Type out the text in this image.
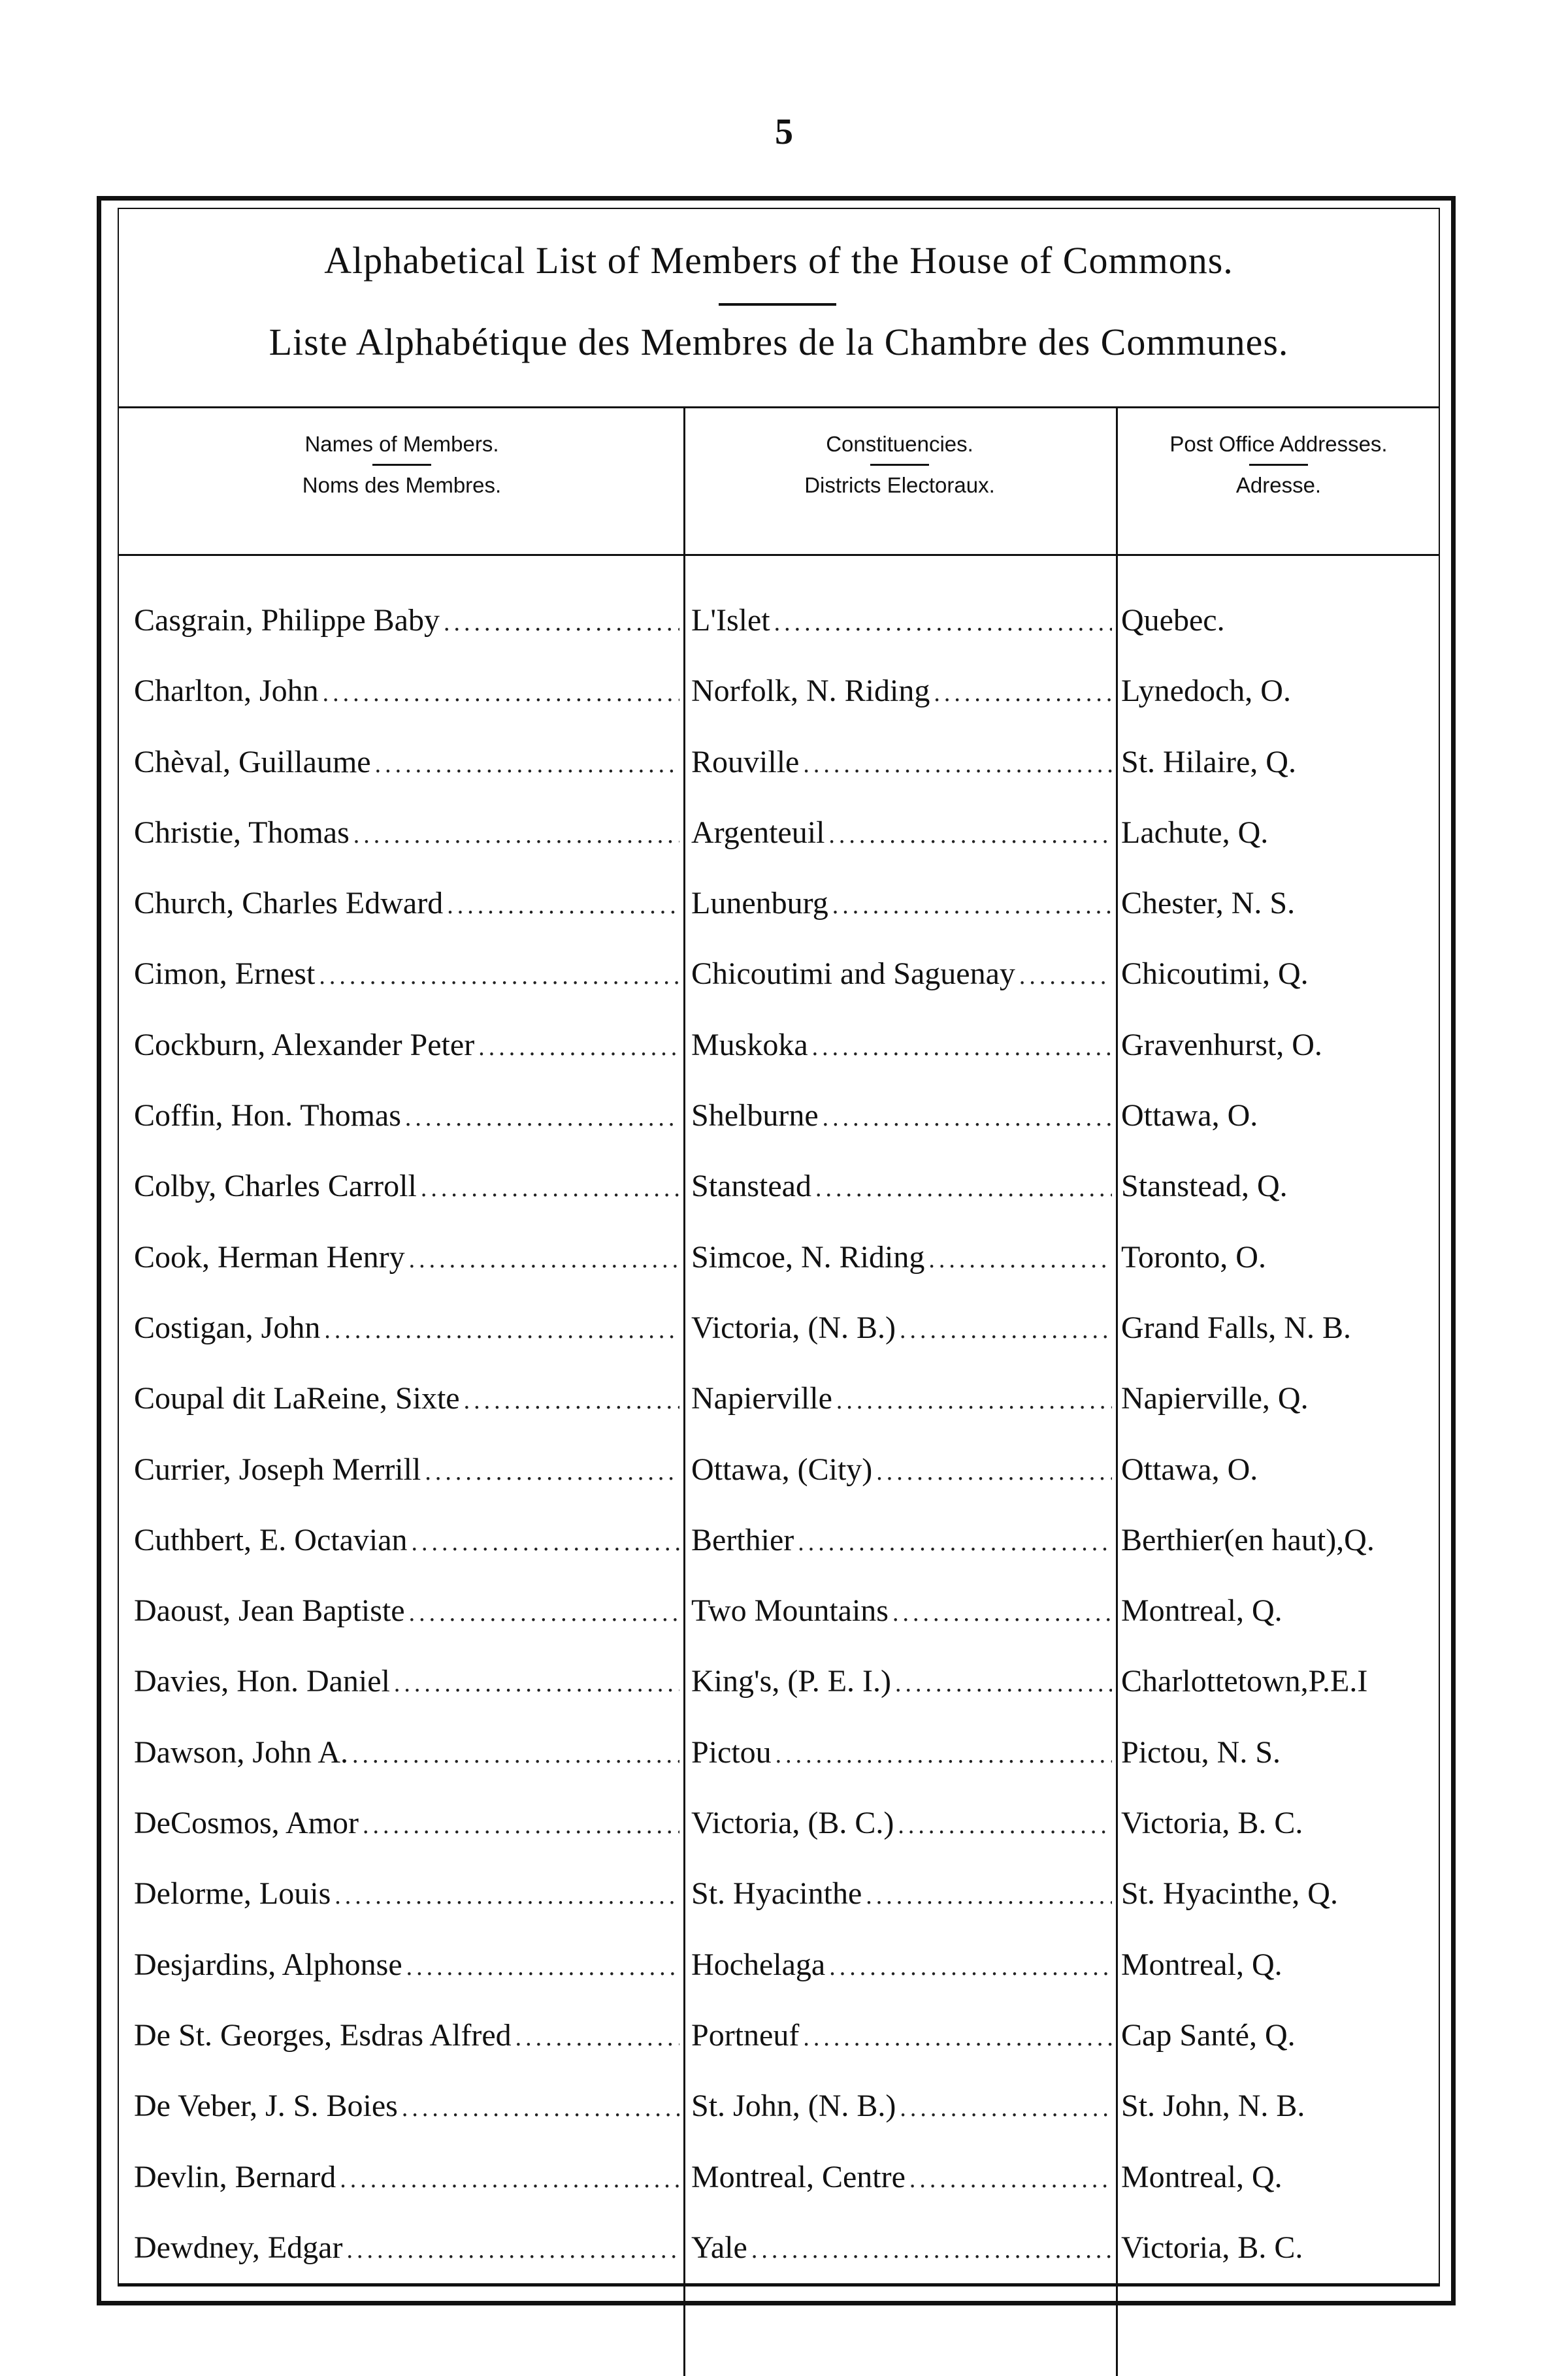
5
Alphabetical List of Members of the House of Commons.
Liste Alphabétique des Membres de la Chambre des Communes.
Names of Members.
Noms des Membres.
Constituencies.
Districts Electoraux.
Post Office Addresses.
Adresse.
Casgrain, Philippe Baby .....	L'Islet .....	Quebec.
Charlton, John .....	Norfolk, N. Riding .....	Lynedoch, O.
Chèval, Guillaume .....	Rouville .....	St. Hilaire, Q.
Christie, Thomas .....	Argenteuil .....	Lachute, Q.
Church, Charles Edward .....	Lunenburg .....	Chester, N. S.
Cimon, Ernest .....	Chicoutimi and Saguenay .....	Chicoutimi, Q.
Cockburn, Alexander Peter .....	Muskoka .....	Gravenhurst, O.
Coffin, Hon. Thomas .....	Shelburne .....	Ottawa, O.
Colby, Charles Carroll .....	Stanstead .....	Stanstead, Q.
Cook, Herman Henry .....	Simcoe, N. Riding .....	Toronto, O.
Costigan, John .....	Victoria, (N. B.) .....	Grand Falls, N. B.
Coupal dit LaReine, Sixte .....	Napierville .....	Napierville, Q.
Currier, Joseph Merrill .....	Ottawa, (City) .....	Ottawa, O.
Cuthbert, E. Octavian .....	Berthier .....	Berthier(en haut),Q.
Daoust, Jean Baptiste .....	Two Mountains .....	Montreal, Q.
Davies, Hon. Daniel .....	King's, (P. E. I.) .....	Charlottetown,P.E.I
Dawson, John A. .....	Pictou .....	Pictou, N. S.
DeCosmos, Amor .....	Victoria, (B. C.) .....	Victoria, B. C.
Delorme, Louis .....	St. Hyacinthe .....	St. Hyacinthe, Q.
Desjardins, Alphonse .....	Hochelaga .....	Montreal, Q.
De St. Georges, Esdras Alfred .....	Portneuf .....	Cap Santé, Q.
De Veber, J. S. Boies .....	St. John, (N. B.) .....	St. John, N. B.
Devlin, Bernard .....	Montreal, Centre .....	Montreal, Q.
Dewdney, Edgar .....	Yale .....	Victoria, B. C.
